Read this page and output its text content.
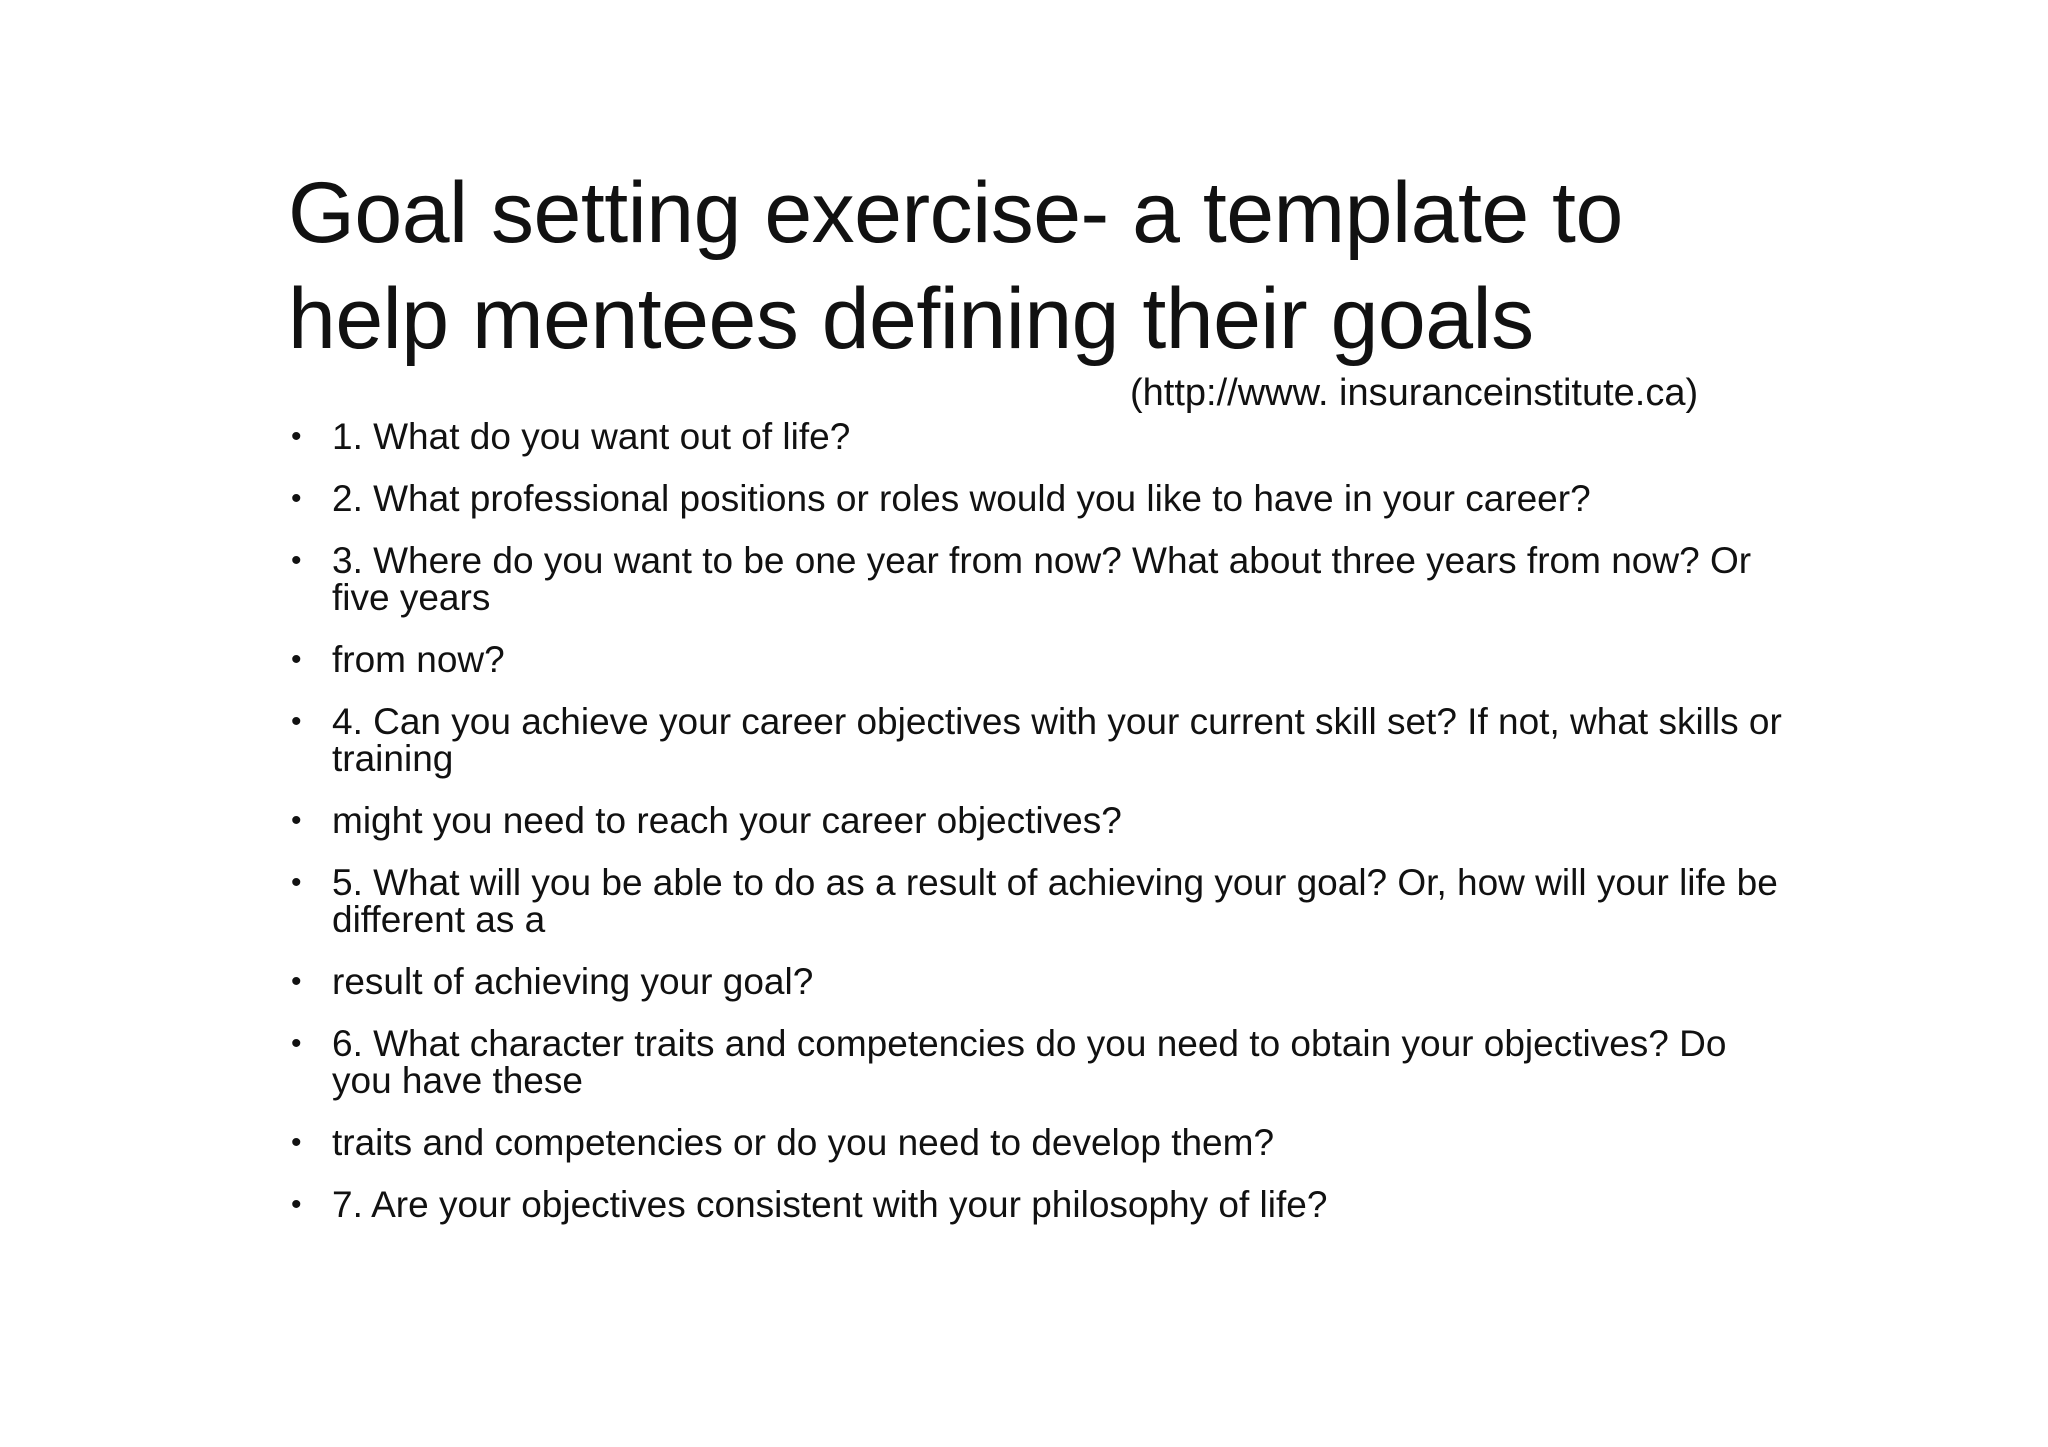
Goal setting exercise- a template to
help mentees defining their goals
(http://www. insuranceinstitute.ca)
• 1. What do you want out of life?
• 2. What professional positions or roles would you like to have in your career?
• 3. Where do you want to be one year from now? What about three years from now? Or five years
• from now?
• 4. Can you achieve your career objectives with your current skill set? If not, what skills or training
• might you need to reach your career objectives?
• 5. What will you be able to do as a result of achieving your goal? Or, how will your life be different as a
• result of achieving your goal?
• 6. What character traits and competencies do you need to obtain your objectives? Do you have these
• traits and competencies or do you need to develop them?
• 7. Are your objectives consistent with your philosophy of life?
